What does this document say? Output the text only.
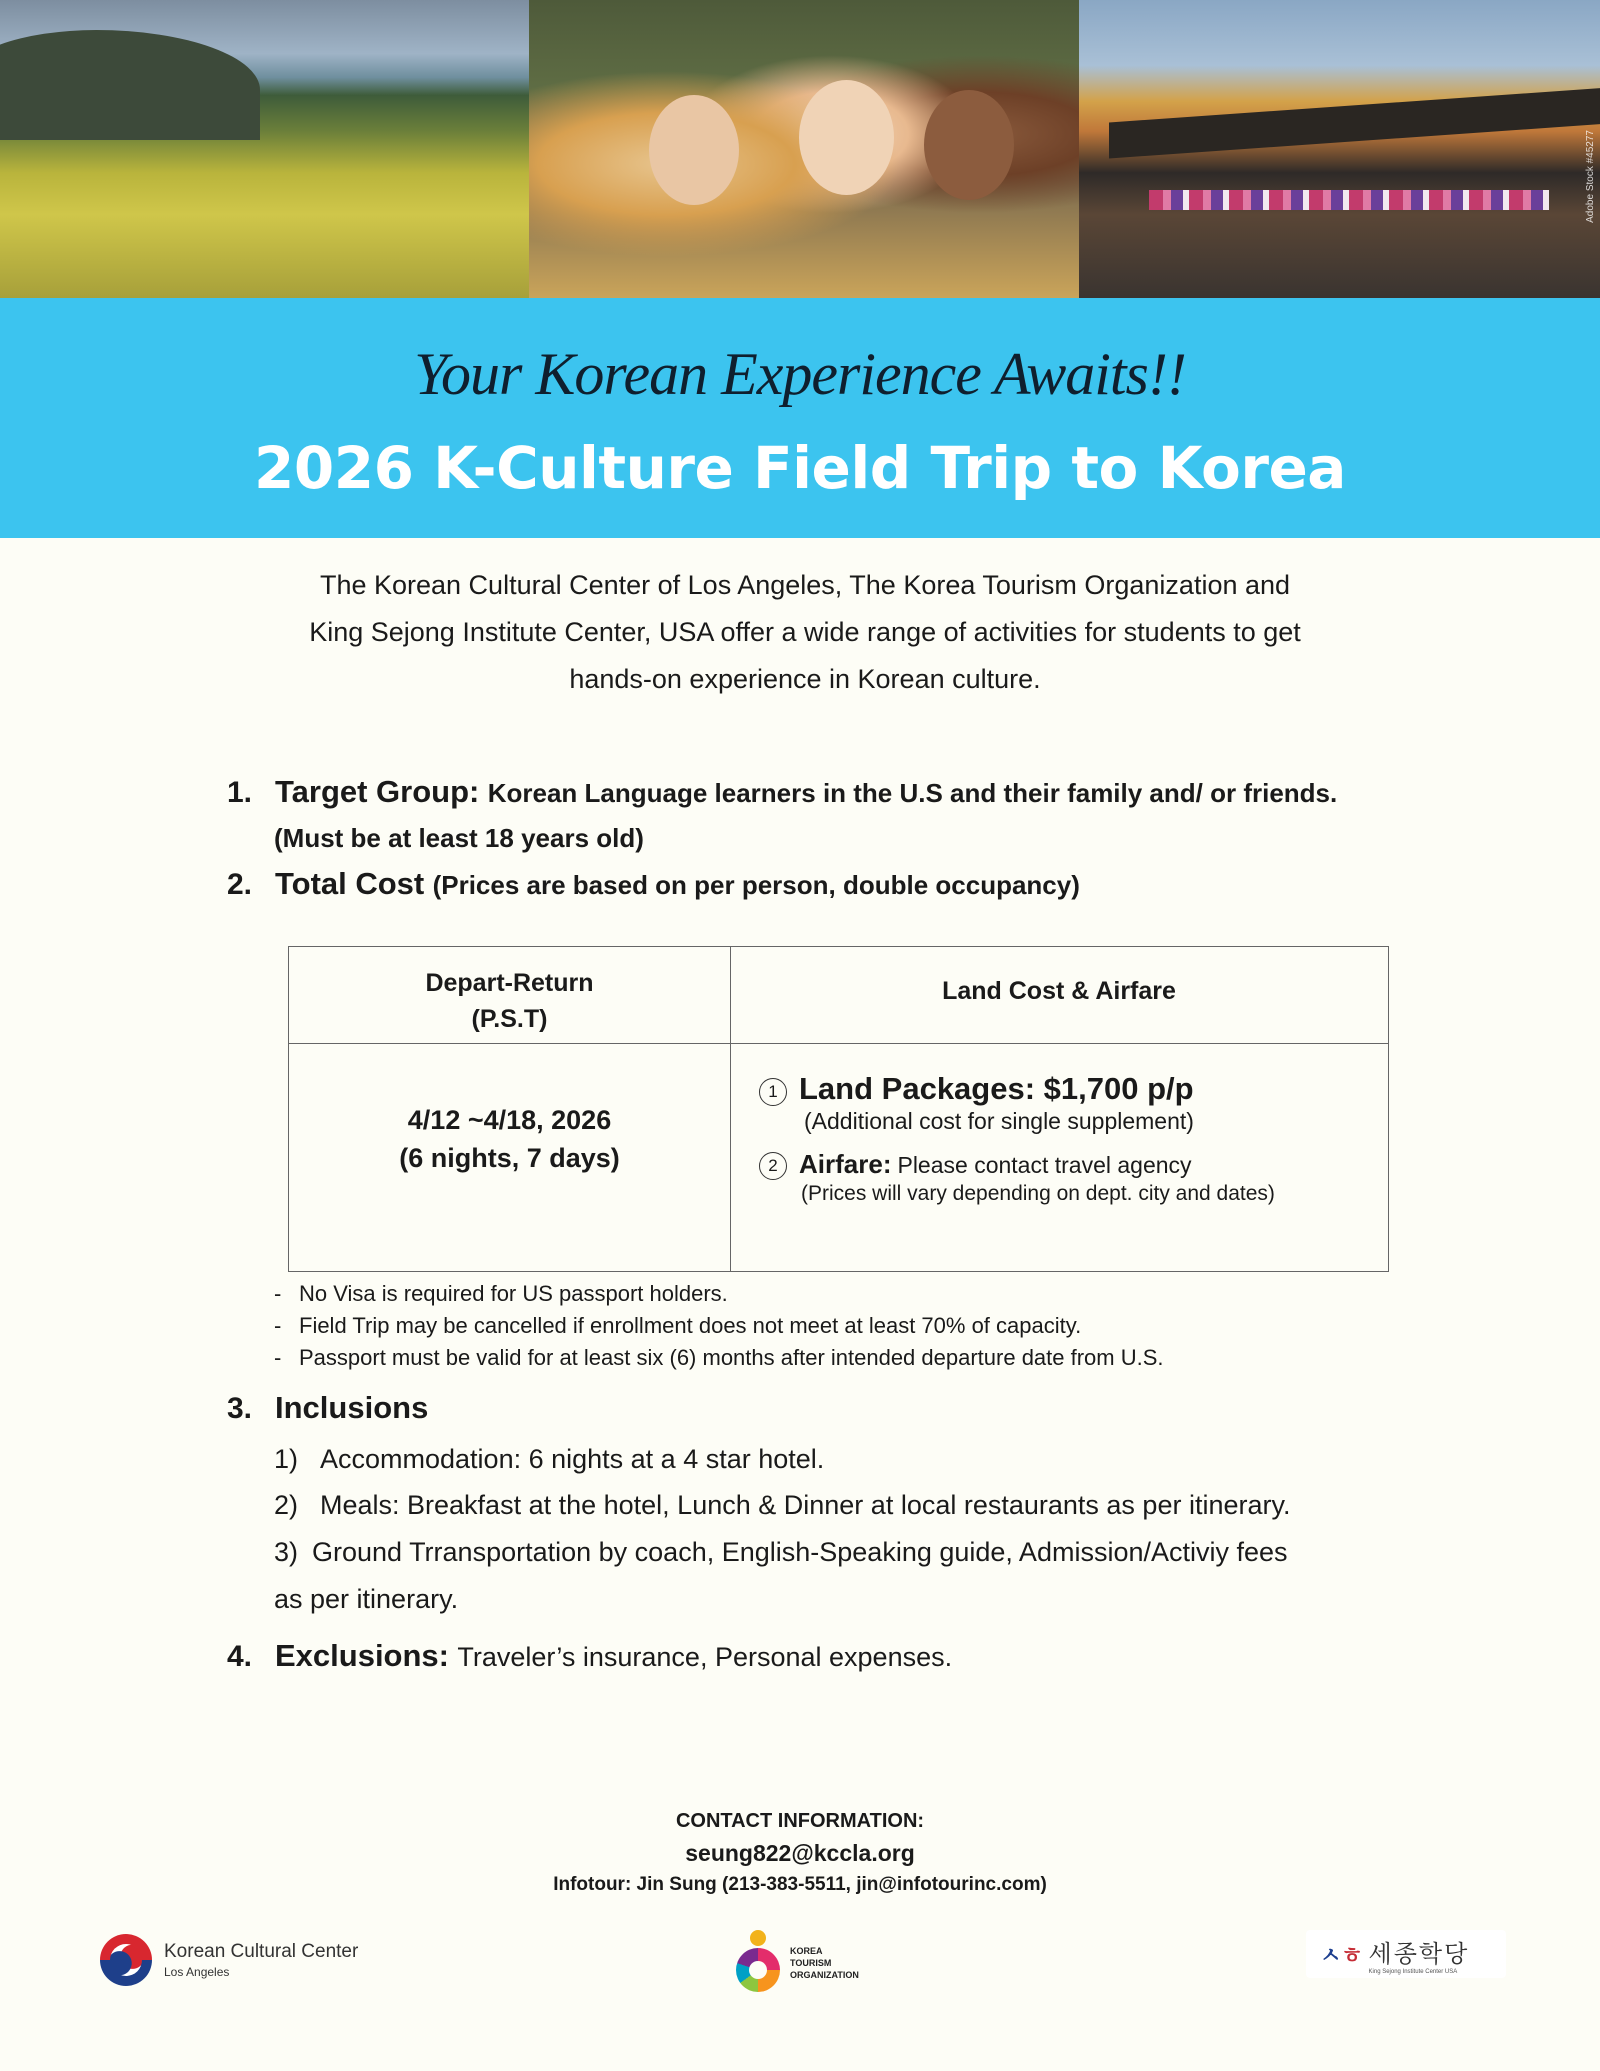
Adobe Stock #45277
Your Korean Experience Awaits!!
2026 K-Culture Field Trip to Korea
The Korean Cultural Center of Los Angeles, The Korea Tourism Organization and
King Sejong Institute Center, USA offer a wide range of activities for students to get
hands-on experience in Korean culture.
1. Target Group: Korean Language learners in the U.S and their family and/ or friends.
(Must be at least 18 years old)
2. Total Cost (Prices are based on per person, double occupancy)
Depart-Return
(P.S.T)
Land Cost & Airfare
4/12 ~4/18, 2026
(6 nights, 7 days)
1 Land Packages: $1,700 p/p
(Additional cost for single supplement)
2 Airfare: Please contact travel agency
(Prices will vary depending on dept. city and dates)
- No Visa is required for US passport holders.
- Field Trip may be cancelled if enrollment does not meet at least 70% of capacity.
- Passport must be valid for at least six (6) months after intended departure date from U.S.
3. Inclusions
1) Accommodation: 6 nights at a 4 star hotel.
2) Meals: Breakfast at the hotel, Lunch & Dinner at local restaurants as per itinerary.
3) Ground Trransportation by coach, English-Speaking guide, Admission/Activiy fees
as per itinerary.
4. Exclusions: Traveler’s insurance, Personal expenses.
CONTACT INFORMATION:
seung822@kccla.org
Infotour: Jin Sung (213-383-5511, jin@infotourinc.com)
Korean Cultural Center
Los Angeles
KOREA
TOURISM
ORGANIZATION
ㅅㅎ 세종학당
King Sejong Institute Center USA
